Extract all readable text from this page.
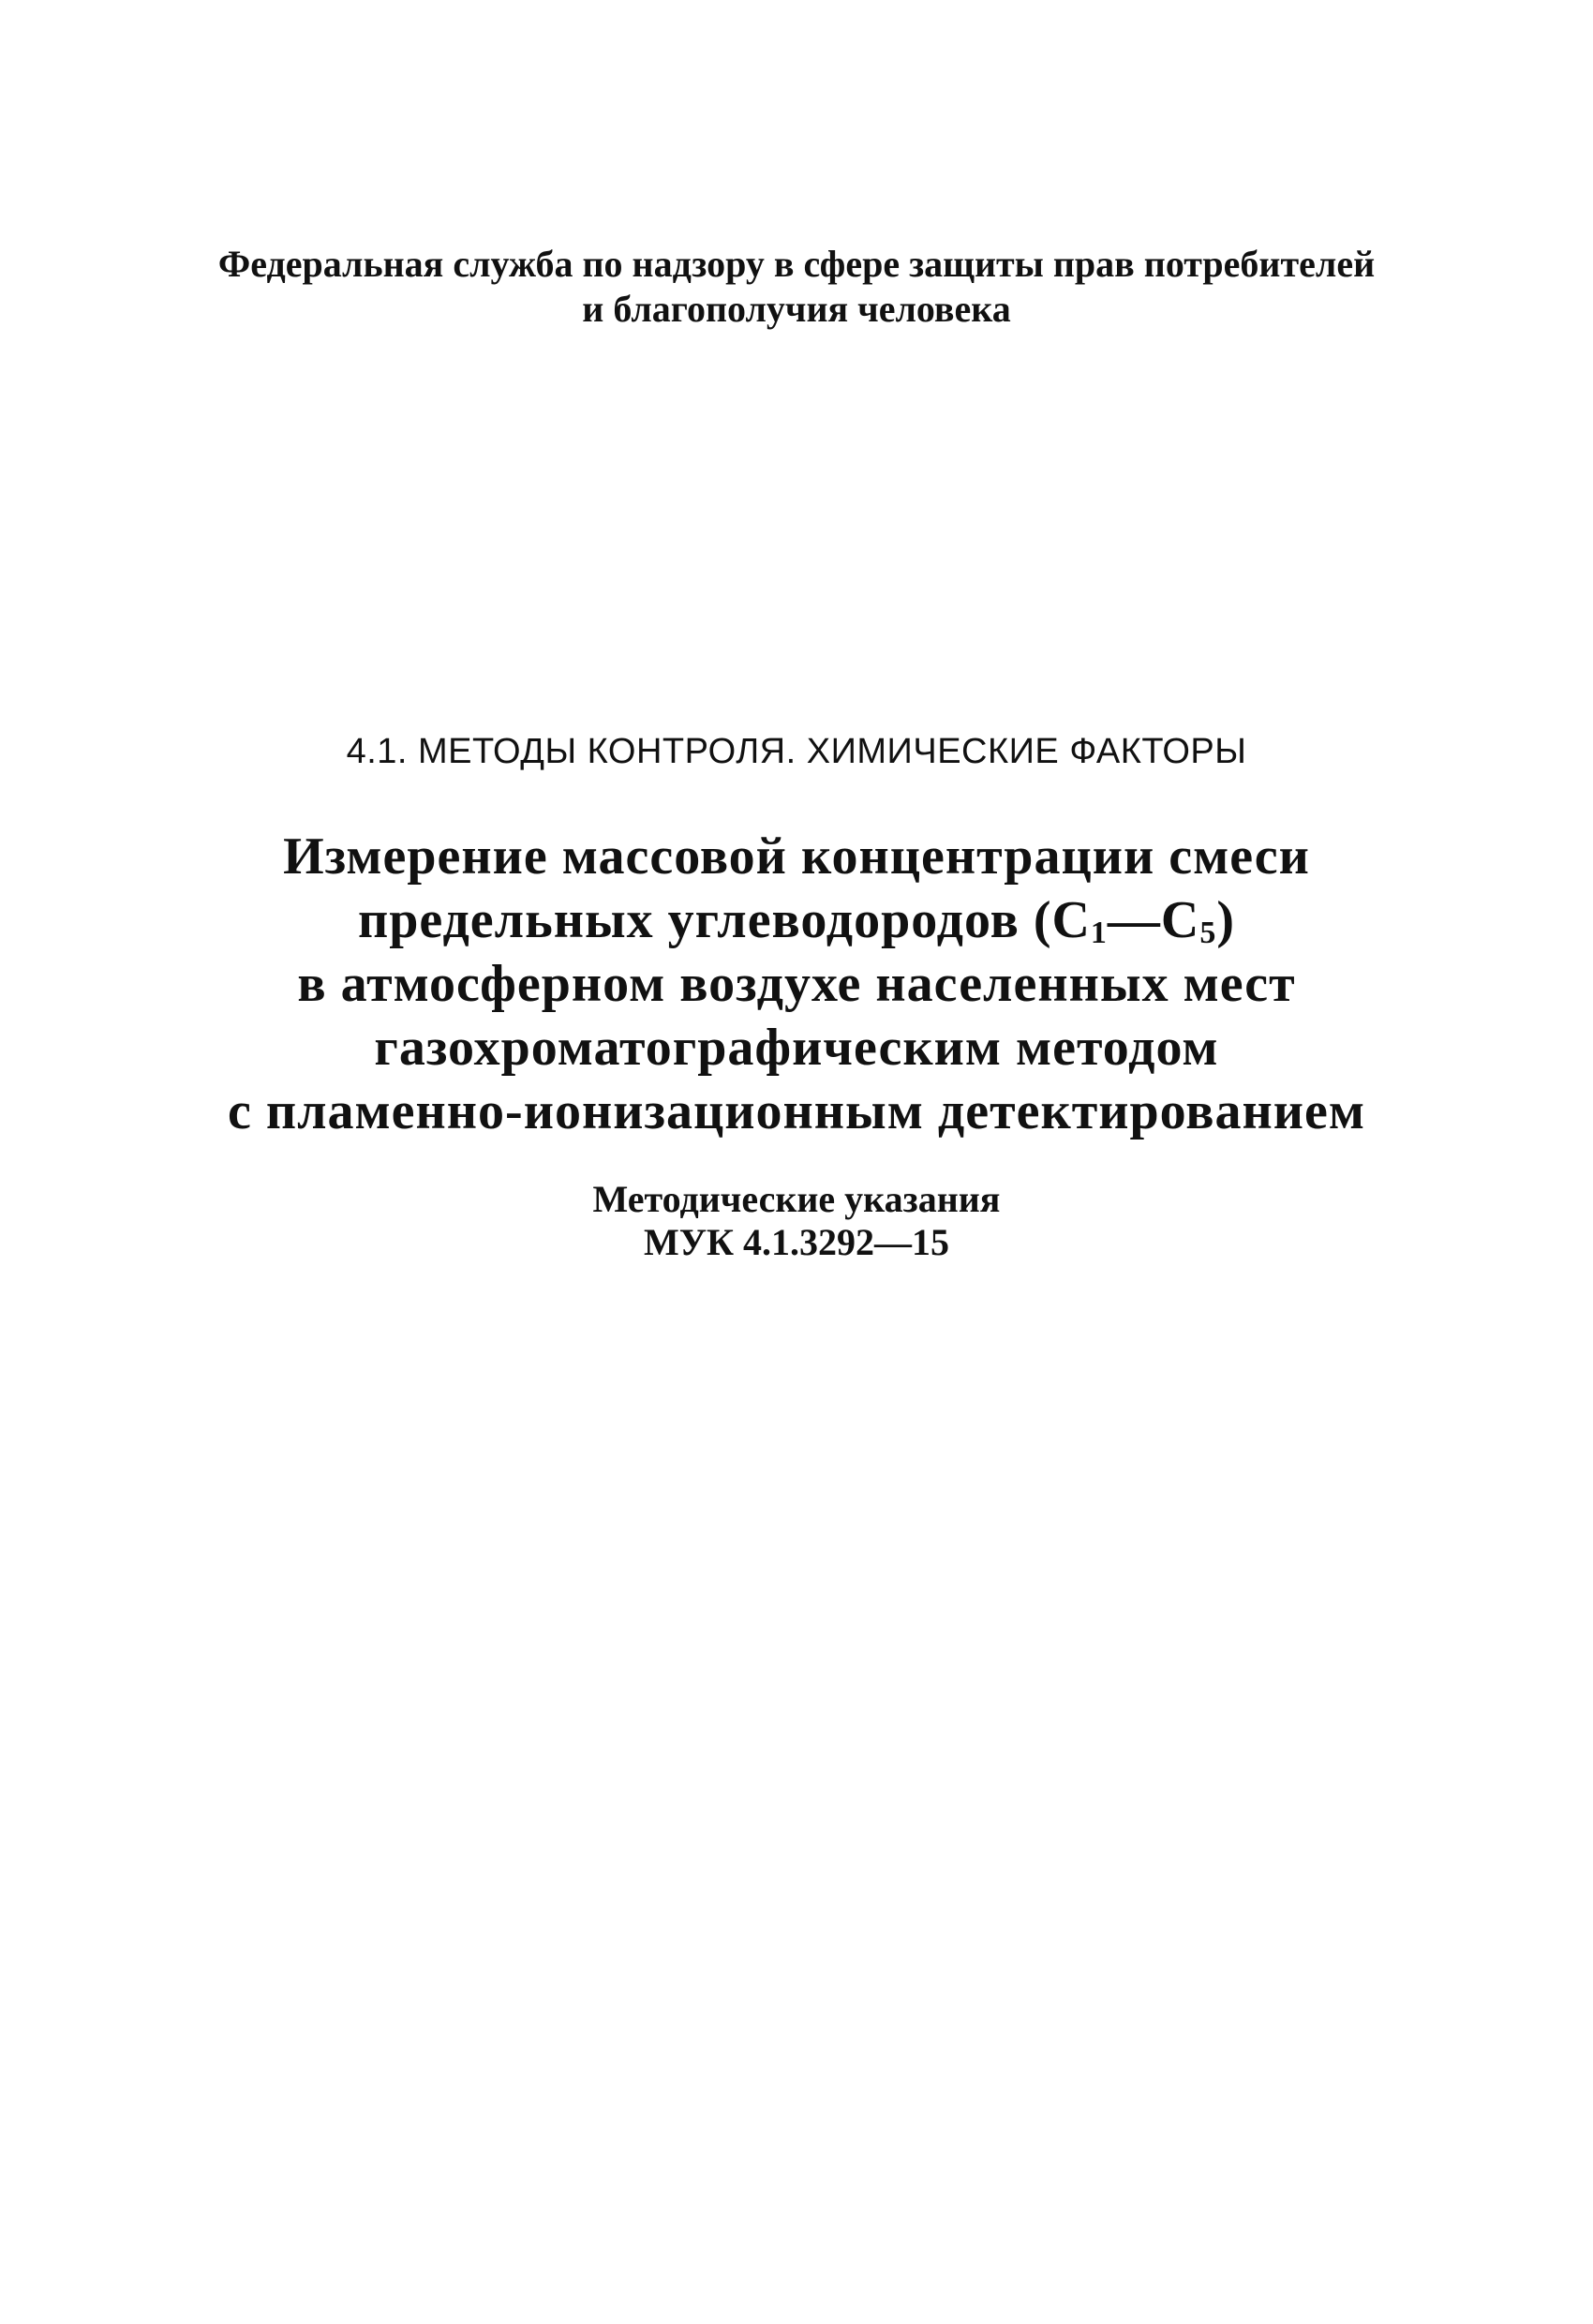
Федеральная служба по надзору в сфере защиты прав потребителей
и благополучия человека
4.1. МЕТОДЫ КОНТРОЛЯ. ХИМИЧЕСКИЕ ФАКТОРЫ
Измерение массовой концентрации смеси
предельных углеводородов $(С_1—С_5)$
в атмосферном воздухе населенных мест
газохроматографическим методом
с пламенно-ионизационным детектированием
Методические указания
МУК 4.1.3292—15
